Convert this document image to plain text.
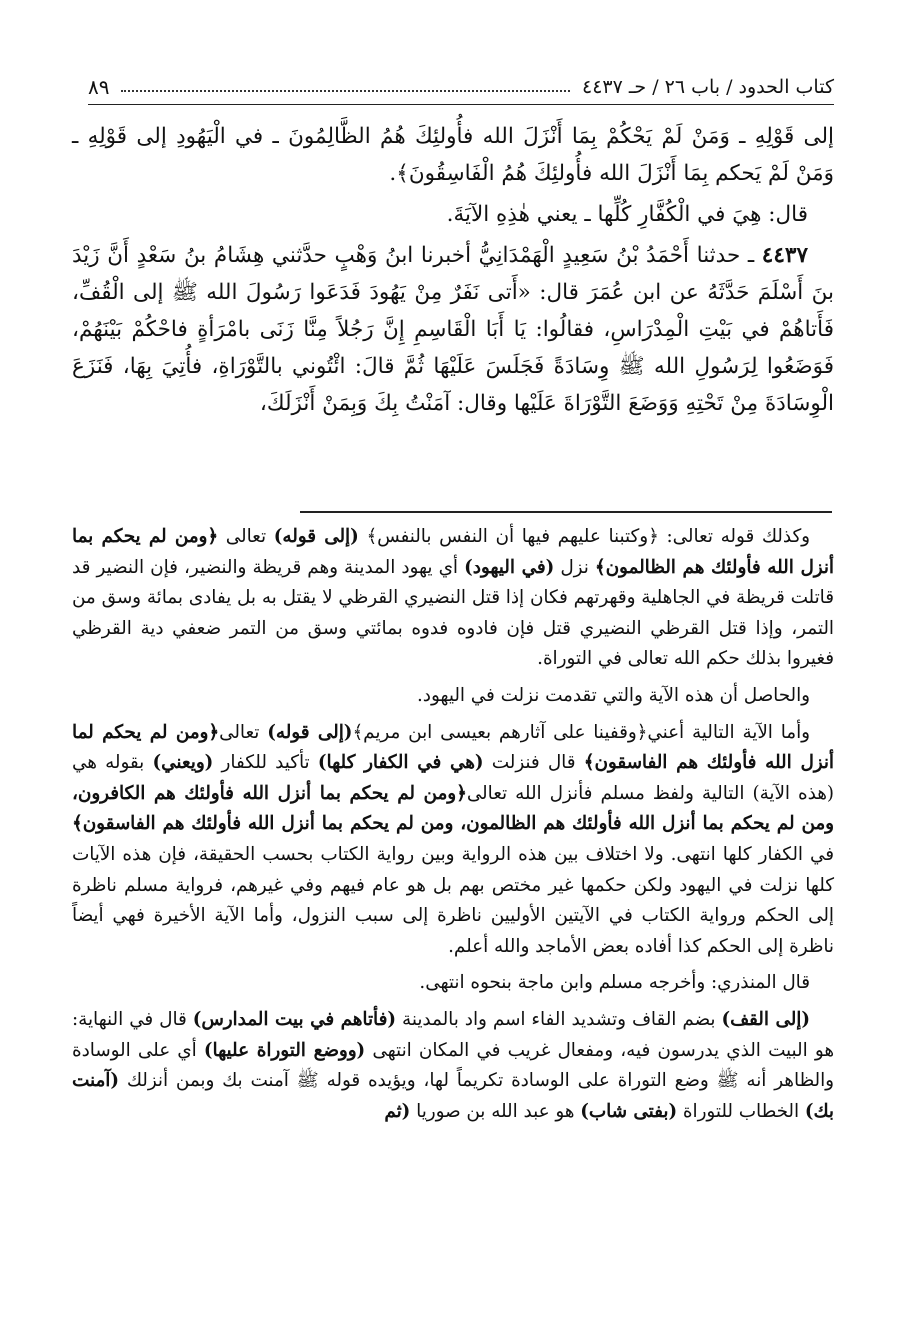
كتاب الحدود / باب ٢٦ / حـ ٤٤٣٧
٨٩

إلى قَوْلِهِ ـ وَمَنْ لَمْ يَحْكُمْ بِمَا أَنْزَلَ الله فأُولئِكَ هُمُ الظَّالِمُونَ ـ في الْيَهُودِ إلى قَوْلِهِ ـ وَمَنْ لَمْ يَحكم بِمَا أَنْزَلَ الله فأُولئِكَ هُمُ الْفَاسِقُونَ﴾.

قال: هِيَ في الْكُفَّارِ كُلِّها ـ يعني هٰذِهِ الآيَةَ.

٤٤٣٧ ـ حدثنا أَحْمَدُ بْنُ سَعِيدٍ الْهَمْدَانِيُّ أخبرنا ابنُ وَهْبٍ حدَّثني هِشَامُ بنُ سَعْدٍ أَنَّ زَيْدَ بنَ أَسْلَمَ حَدَّثَهُ عن ابن عُمَرَ قال: «أَتى نَفَرٌ مِنْ يَهُودَ فَدَعَوا رَسُولَ الله ﷺ إلى الْقُفِّ، فَأَتاهُمْ في بَيْتِ الْمِدْرَاسِ، فقالُوا: يَا أَبَا الْقَاسِمِ إِنَّ رَجُلاً مِنَّا زَنَى بامْرَأةٍ فاحْكُمْ بَيْنَهُمْ، فَوَضَعُوا لِرَسُولِ الله ﷺ وِسَادَةً فَجَلَسَ عَلَيْهَا ثُمَّ قالَ: ائْتُوني بالتَّوْرَاةِ، فأُتِيَ بِهَا، فَنَزَعَ الْوِسَادَةَ مِنْ تَحْتِهِ وَوَضَعَ التَّوْرَاةَ عَلَيْها وقال: آمَنْتُ بِكَ وَبِمَنْ أَنْزَلَكَ،

وكذلك قوله تعالى: ﴿وكتبنا عليهم فيها أن النفس بالنفس﴾ (إلى قوله) تعالى ﴿ومن لم يحكم بما أنزل الله فأولئك هم الظالمون﴾ نزل (في اليهود) أي يهود المدينة وهم قريظة والنضير، فإن النضير قد قاتلت قريظة في الجاهلية وقهرتهم فكان إذا قتل النضيري القرظي لا يقتل به بل يفادى بمائة وسق من التمر، وإذا قتل القرظي النضيري قتل فإن فادوه فدوه بمائتي وسق من التمر ضعفي دية القرظي فغيروا بذلك حكم الله تعالى في التوراة.

والحاصل أن هذه الآية والتي تقدمت نزلت في اليهود.

وأما الآية التالية أعني﴿وقفينا على آثارهم بعيسى ابن مريم﴾(إلى قوله) تعالى﴿ومن لم يحكم لما أنزل الله فأولئك هم الفاسقون﴾ قال فنزلت (هي في الكفار كلها) تأكيد للكفار (ويعني) بقوله هي (هذه الآية) التالية ولفظ مسلم فأنزل الله تعالى﴿ومن لم يحكم بما أنزل الله فأولئك هم الكافرون، ومن لم يحكم بما أنزل الله فأولئك هم الظالمون، ومن لم يحكم بما أنزل الله فأولئك هم الفاسقون﴾ في الكفار كلها انتهى. ولا اختلاف بين هذه الرواية وبين رواية الكتاب بحسب الحقيقة، فإن هذه الآيات كلها نزلت في اليهود ولكن حكمها غير مختص بهم بل هو عام فيهم وفي غيرهم، فرواية مسلم ناظرة إلى الحكم ورواية الكتاب في الآيتين الأوليين ناظرة إلى سبب النزول، وأما الآية الأخيرة فهي أيضاً ناظرة إلى الحكم كذا أفاده بعض الأماجد والله أعلم.

قال المنذري: وأخرجه مسلم وابن ماجة بنحوه انتهى.

(إلى القف) بضم القاف وتشديد الفاء اسم واد بالمدينة (فأتاهم في بيت المدارس) قال في النهاية: هو البيت الذي يدرسون فيه، ومفعال غريب في المكان انتهى (ووضع التوراة عليها) أي على الوسادة والظاهر أنه ﷺ وضع التوراة على الوسادة تكريماً لها، ويؤيده قوله ﷺ آمنت بك وبمن أنزلك (آمنت بك) الخطاب للتوراة (بفتى شاب) هو عبد الله بن صوريا (ثم
